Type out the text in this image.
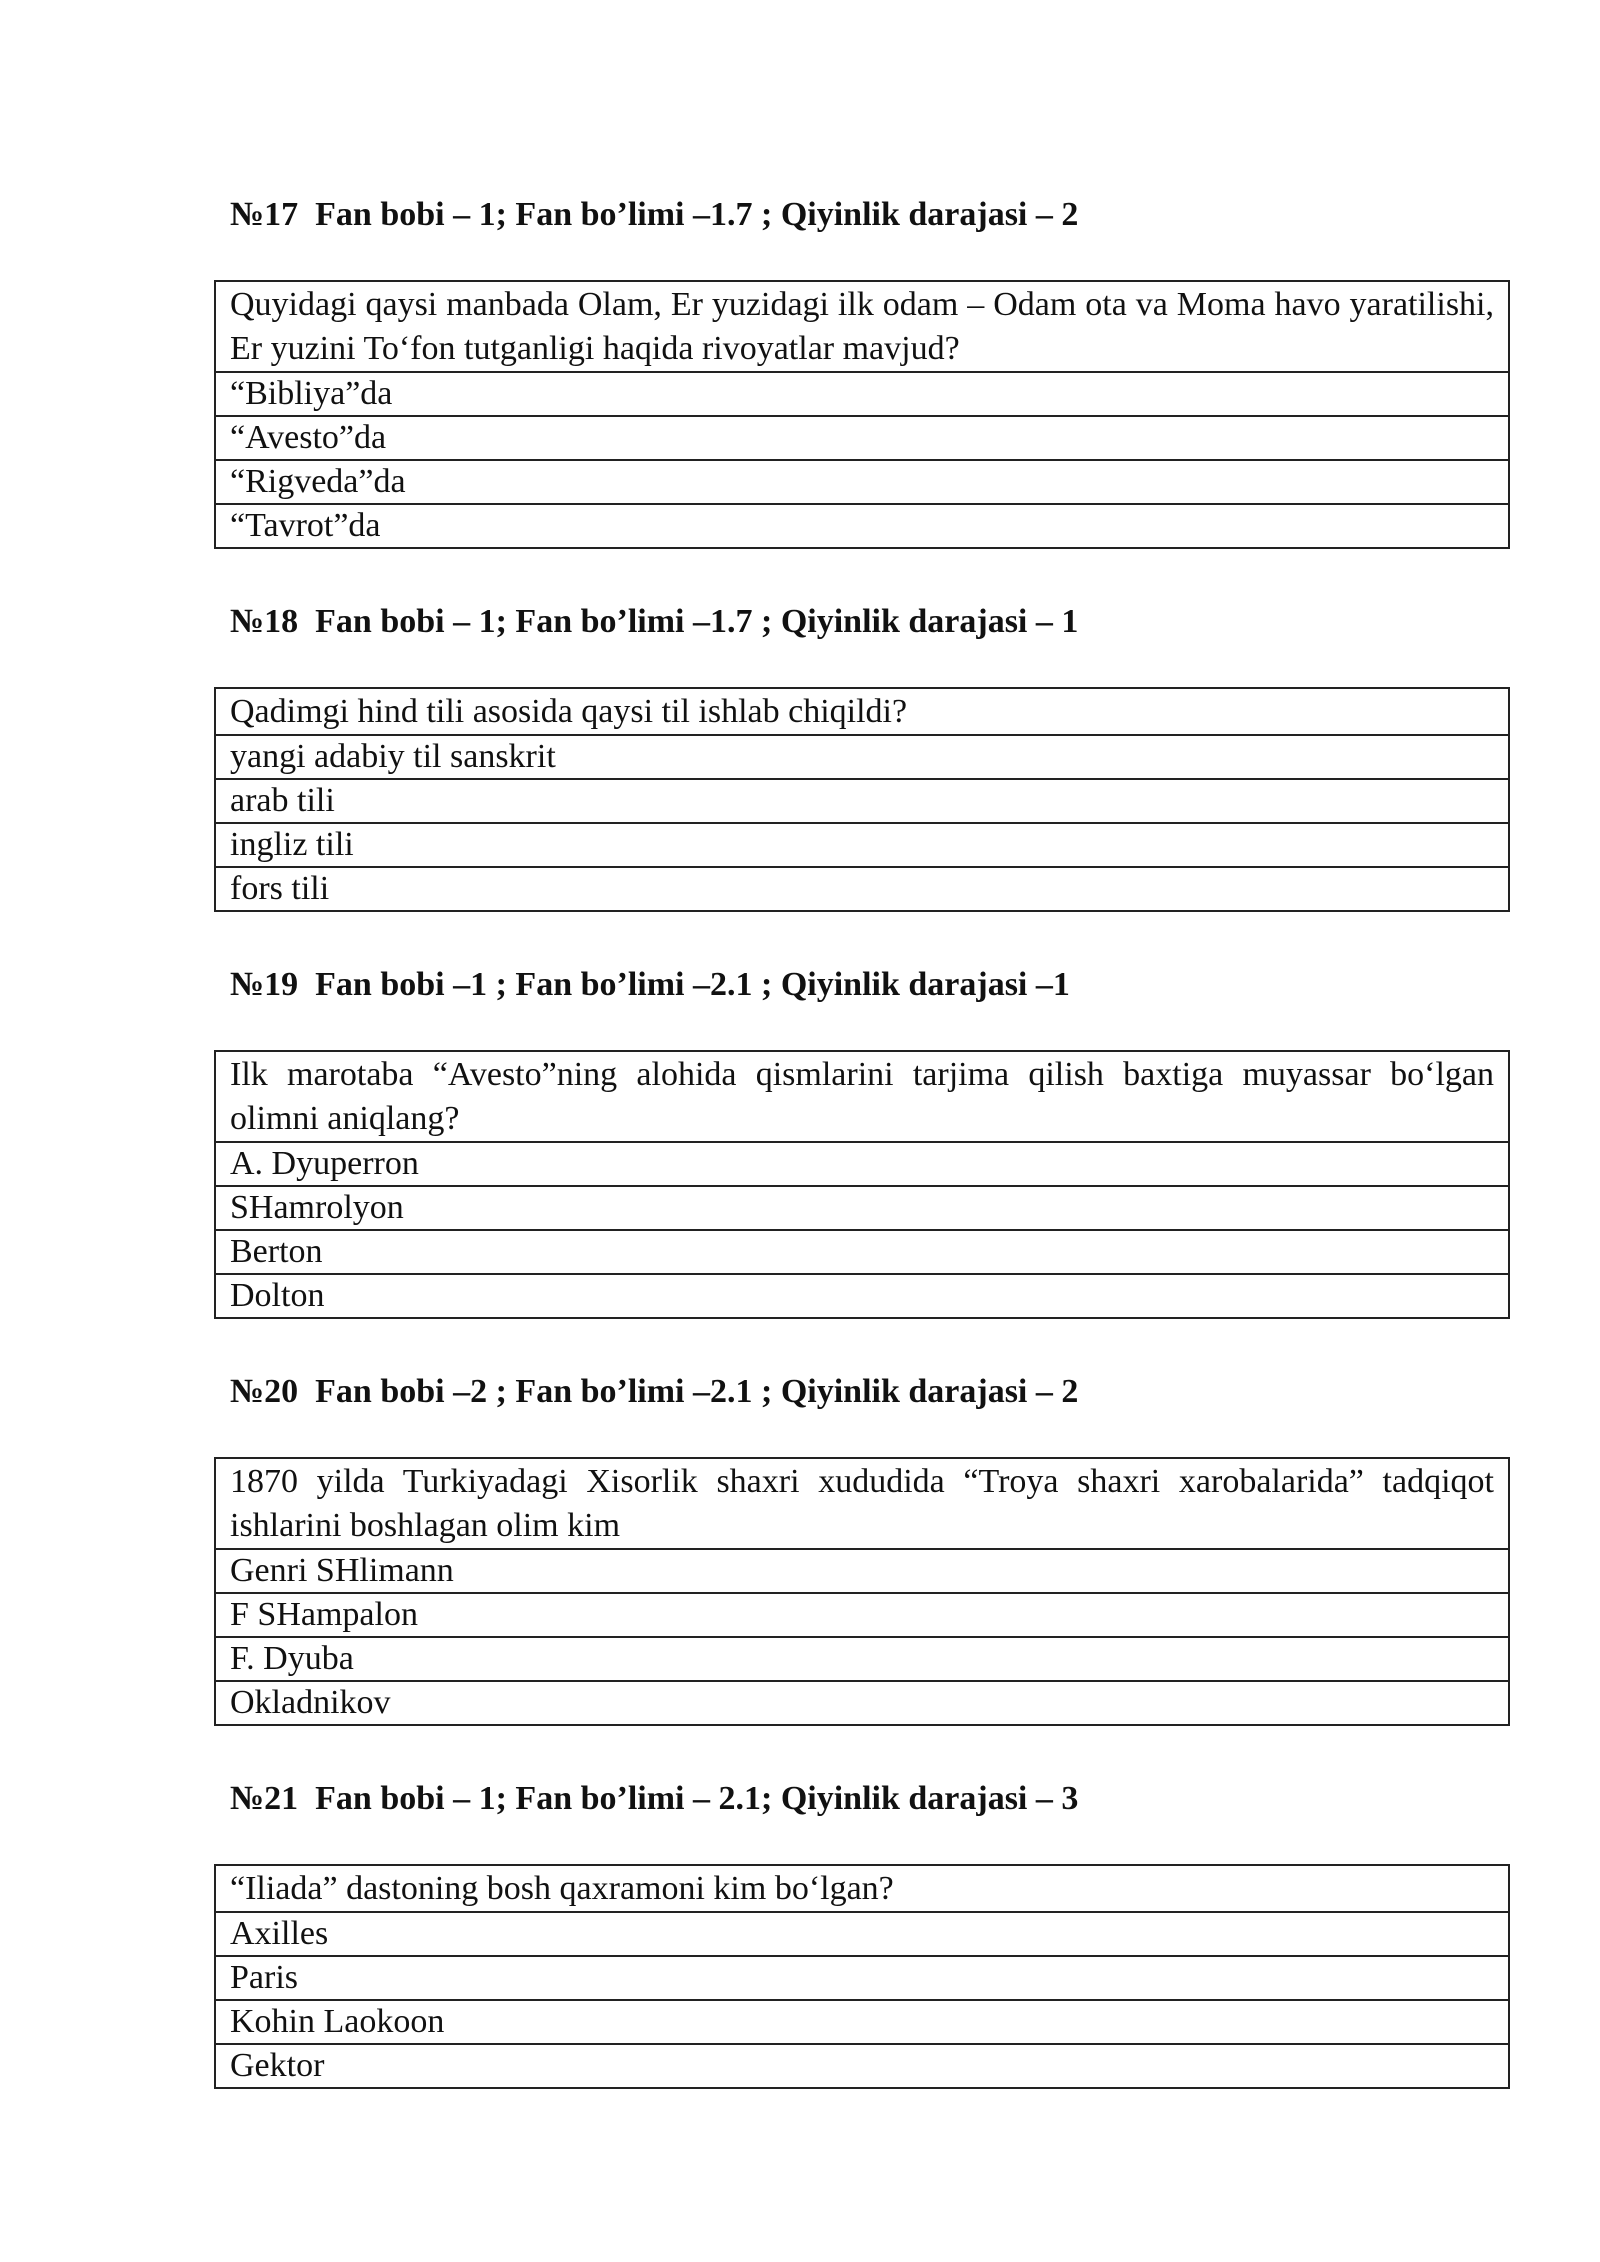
№17  Fan bobi – 1; Fan bo’limi –1.7 ; Qiyinlik darajasi – 2

Quyidagi qaysi manbada Olam, Er yuzidagi ilk odam – Odam ota va Moma havo yaratilishi, Er yuzini To‘fon tutganligi haqida rivoyatlar mavjud?
“Bibliya”da
“Avesto”da
“Rigveda”da
“Tavrot”da

№18  Fan bobi – 1; Fan bo’limi –1.7 ; Qiyinlik darajasi – 1

Qadimgi hind tili asosida qaysi til ishlab chiqildi?
yangi adabiy til sanskrit
arab tili
ingliz tili
fors tili

№19  Fan bobi –1 ; Fan bo’limi –2.1 ; Qiyinlik darajasi –1

Ilk marotaba “Avesto”ning alohida qismlarini tarjima qilish baxtiga muyassar bo‘lgan olimni aniqlang?
A. Dyuperron
SHamrolyon
Berton
Dolton

№20  Fan bobi –2 ; Fan bo’limi –2.1 ; Qiyinlik darajasi – 2

1870 yilda Turkiyadagi Xisorlik shaxri xududida “Troya shaxri xarobalarida” tadqiqot ishlarini boshlagan olim kim
Genri SHlimann
F SHampalon
F. Dyuba
Okladnikov

№21  Fan bobi – 1; Fan bo’limi – 2.1; Qiyinlik darajasi – 3

“Iliada” dastoning bosh qaxramoni kim bo‘lgan?
Axilles
Paris
Kohin Laokoon
Gektor
